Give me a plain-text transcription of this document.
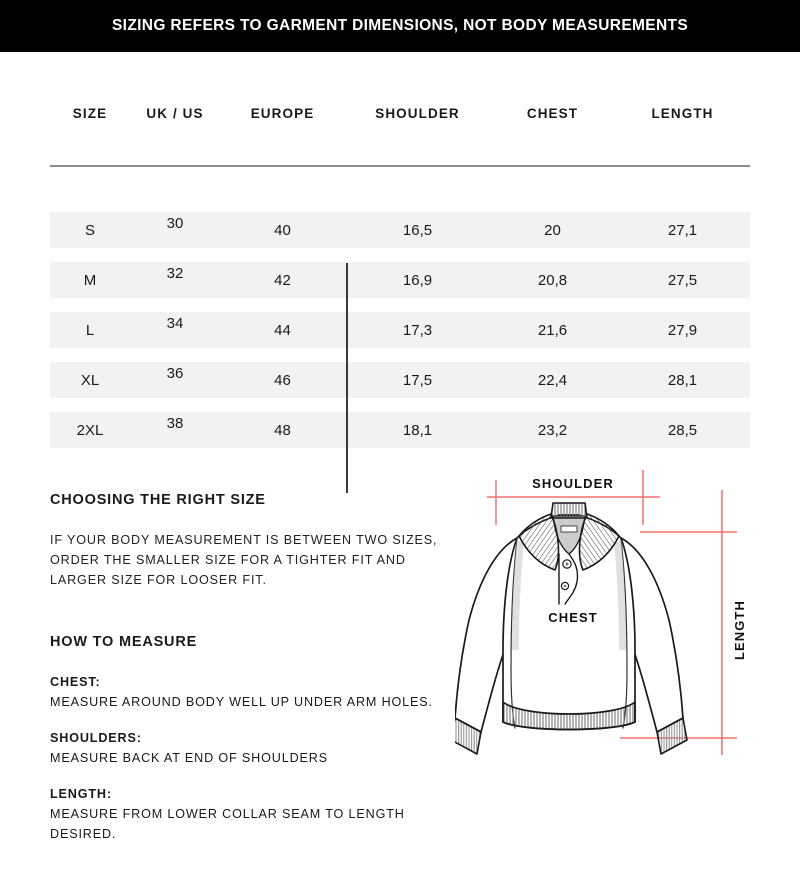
SIZING REFERS TO GARMENT DIMENSIONS, NOT BODY MEASUREMENTS
SIZE	UK / US	EUROPE	SHOULDER	CHEST	LENGTH

S	30	40	16,5	20	27,1

M	32	42	16,9	20,8	27,5

L	34	44	17,3	21,6	27,9

XL	36	46	17,5	22,4	28,1

2XL	38	48	18,1	23,2	28,5
CHOOSING THE RIGHT SIZE
IF YOUR BODY MEASUREMENT IS BETWEEN TWO SIZES, ORDER THE SMALLER SIZE FOR A TIGHTER FIT AND LARGER SIZE FOR LOOSER FIT.
HOW TO MEASURE
CHEST:
MEASURE AROUND BODY WELL UP UNDER ARM HOLES.
SHOULDERS:
MEASURE BACK AT END OF SHOULDERS
LENGTH:
MEASURE FROM LOWER COLLAR SEAM TO LENGTH DESIRED.
SHOULDER
CHEST	LENGTH
